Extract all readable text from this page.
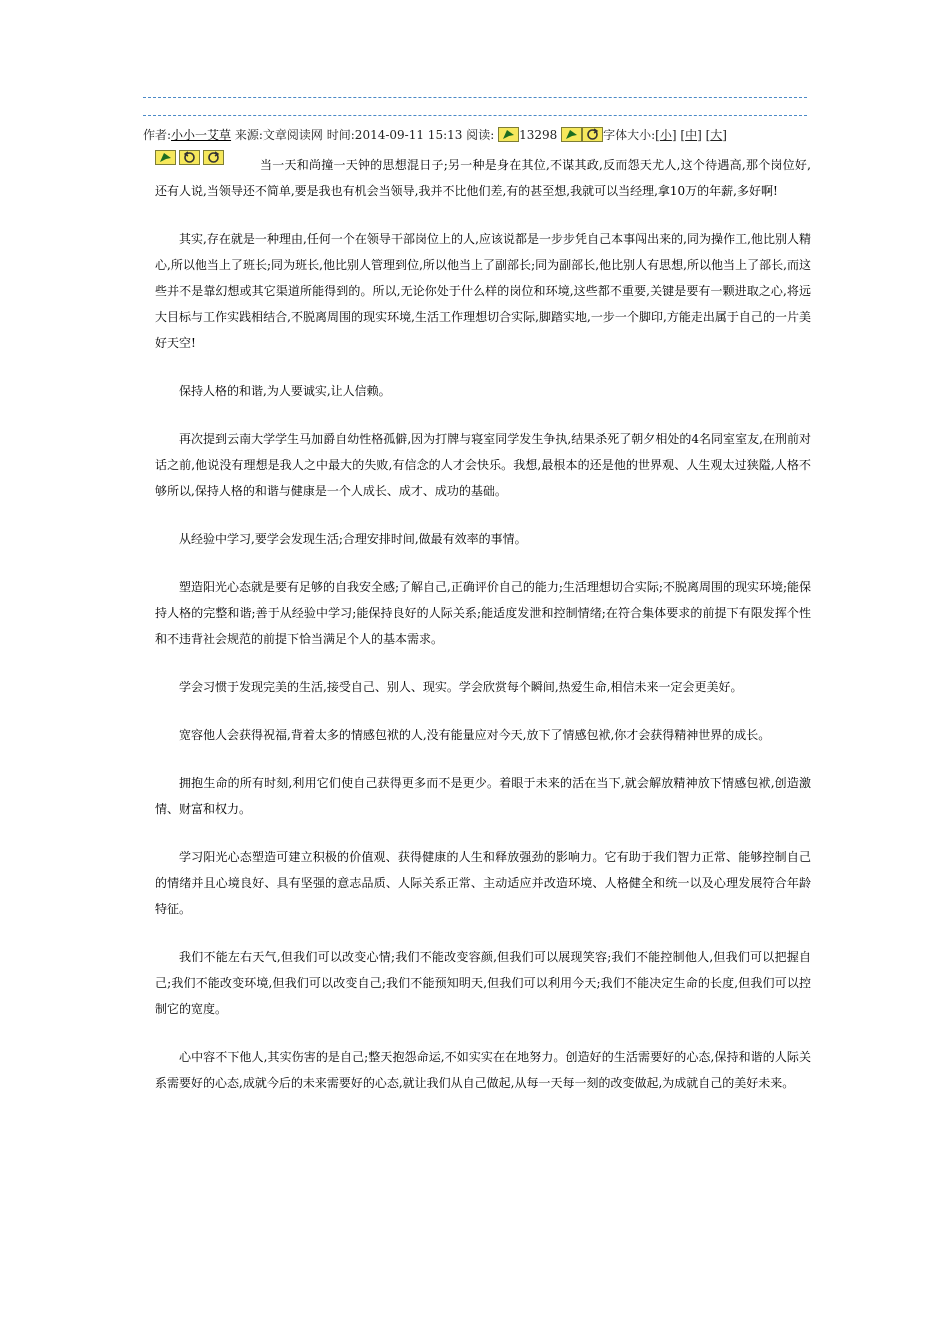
作者:小小一艾草 来源:文章阅读网 时间:2014-09-11 15:13 阅读: 13298	字体大小:[小] [中] [大]

当一天和尚撞一天钟的思想混日子;另一种是身在其位,不谋其政,反而怨天尤人,这个待遇高,那个岗位好,还有人说,当领导还不简单,要是我也有机会当领导,我并不比他们差,有的甚至想,我就可以当经理,拿10万的年薪,多好啊!

其实,存在就是一种理由,任何一个在领导干部岗位上的人,应该说都是一步步凭自己本事闯出来的,同为操作工,他比别人精心,所以他当上了班长;同为班长,他比别人管理到位,所以他当上了副部长;同为副部长,他比别人有思想,所以他当上了部长,而这些并不是靠幻想或其它渠道所能得到的。所以,无论你处于什么样的岗位和环境,这些都不重要,关键是要有一颗进取之心,将远大目标与工作实践相结合,不脱离周围的现实环境,生活工作理想切合实际,脚踏实地,一步一个脚印,方能走出属于自己的一片美好天空!

保持人格的和谐,为人要诚实,让人信赖。

再次提到云南大学学生马加爵自幼性格孤僻,因为打牌与寝室同学发生争执,结果杀死了朝夕相处的4名同室室友,在刑前对话之前,他说没有理想是我人之中最大的失败,有信念的人才会快乐。我想,最根本的还是他的世界观、人生观太过狭隘,人格不够所以,保持人格的和谐与健康是一个人成长、成才、成功的基础。

从经验中学习,要学会发现生活;合理安排时间,做最有效率的事情。

塑造阳光心态就是要有足够的自我安全感;了解自己,正确评价自己的能力;生活理想切合实际;不脱离周围的现实环境;能保持人格的完整和谐;善于从经验中学习;能保持良好的人际关系;能适度发泄和控制情绪;在符合集体要求的前提下有限发挥个性和不违背社会规范的前提下恰当满足个人的基本需求。

学会习惯于发现完美的生活,接受自己、别人、现实。学会欣赏每个瞬间,热爱生命,相信未来一定会更美好。

宽容他人会获得祝福,背着太多的情感包袱的人,没有能量应对今天,放下了情感包袱,你才会获得精神世界的成长。

拥抱生命的所有时刻,利用它们使自己获得更多而不是更少。着眼于未来的活在当下,就会解放精神放下情感包袱,创造激情、财富和权力。

学习阳光心态塑造可建立积极的价值观、获得健康的人生和释放强劲的影响力。它有助于我们智力正常、能够控制自己的情绪并且心境良好、具有坚强的意志品质、人际关系正常、主动适应并改造环境、人格健全和统一以及心理发展符合年龄特征。

我们不能左右天气,但我们可以改变心情;我们不能改变容颜,但我们可以展现笑容;我们不能控制他人,但我们可以把握自己;我们不能改变环境,但我们可以改变自己;我们不能预知明天,但我们可以利用今天;我们不能决定生命的长度,但我们可以控制它的宽度。

心中容不下他人,其实伤害的是自己;整天抱怨命运,不如实实在在地努力。创造好的生活需要好的心态,保持和谐的人际关系需要好的心态,成就今后的未来需要好的心态,就让我们从自己做起,从每一天每一刻的改变做起,为成就自己的美好未来。
